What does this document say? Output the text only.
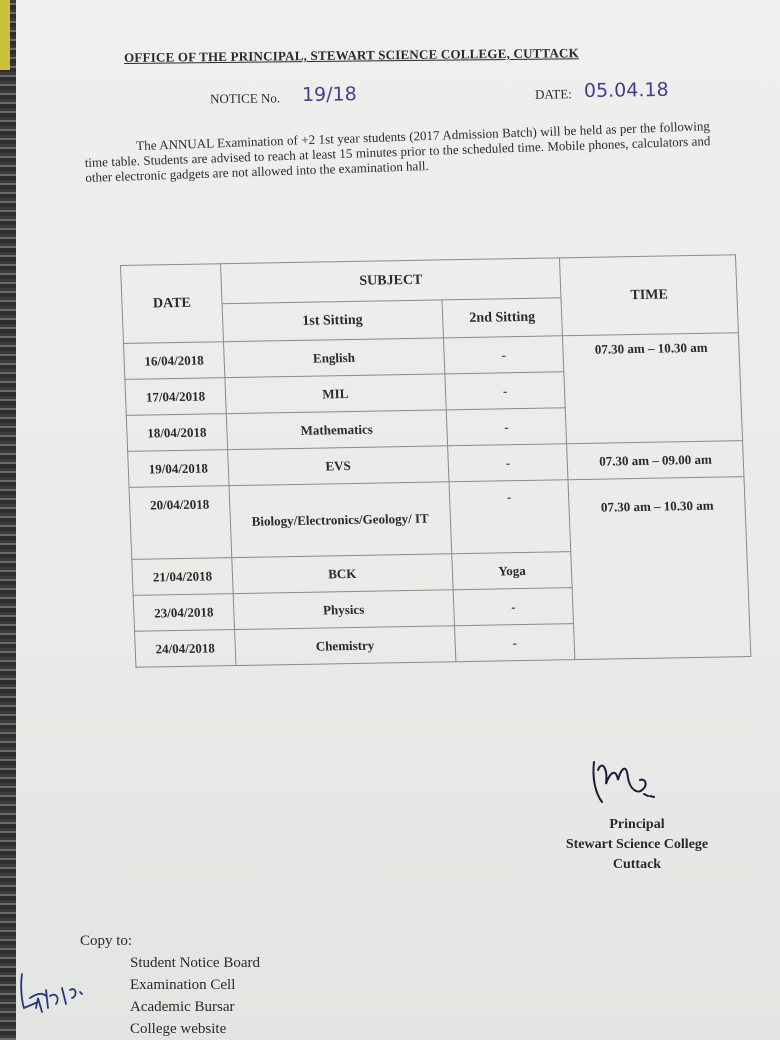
OFFICE OF THE PRINCIPAL, STEWART SCIENCE COLLEGE, CUTTACK
NOTICE No. 19/18	DATE: 05.04.18

The ANNUAL Examination of +2 1st year students (2017 Admission Batch) will be held as per the following time table. Students are advised to reach at least 15 minutes prior to the scheduled time. Mobile phones, calculators and other electronic gadgets are not allowed into the examination hall.

DATE	SUBJECT		TIME
	1st Sitting	2nd Sitting	
16/04/2018	English	-	07.30 am – 10.30 am
17/04/2018	MIL	-	
18/04/2018	Mathematics	-	
19/04/2018	EVS	-	07.30 am – 09.00 am
20/04/2018	Biology/Electronics/Geology/ IT	-	07.30 am – 10.30 am
21/04/2018	BCK	Yoga	
23/04/2018	Physics	-	
24/04/2018	Chemistry	-	
Principal
Stewart Science College
Cuttack
Copy to:
Student Notice Board
Examination Cell
Academic Bursar
College website
